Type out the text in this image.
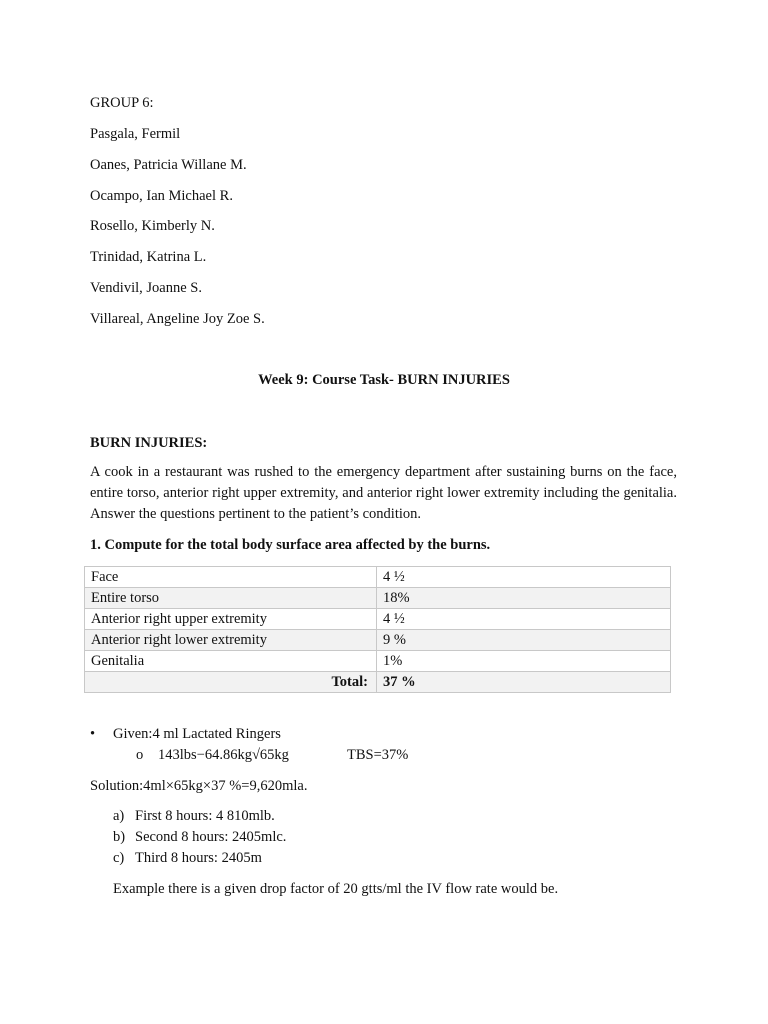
GROUP 6:
Pasgala, Fermil
Oanes, Patricia Willane M.
Ocampo, Ian Michael R.
Rosello, Kimberly N.
Trinidad, Katrina L.
Vendivil, Joanne S.
Villareal, Angeline Joy Zoe S.
Week 9: Course Task- BURN INJURIES
BURN INJURIES:
A cook in a restaurant was rushed to the emergency department after sustaining burns on the face, entire torso, anterior right upper extremity, and anterior right lower extremity including the genitalia. Answer the questions pertinent to the patient’s condition.
1. Compute for the total body surface area affected by the burns.
Face	4 ½
Entire torso	18%
Anterior right upper extremity	4 ½
Anterior right lower extremity	9 %
Genitalia	1%
Total:	37 %
• Given:4 ml Lactated Ringers
o 143lbs−64.86kg√65kg	TBS=37%
Solution:4ml×65kg×37 %=9,620mla.
a) First 8 hours: 4 810mlb.
b) Second 8 hours: 2405mlc.
c) Third 8 hours: 2405m
Example there is a given drop factor of 20 gtts/ml the IV flow rate would be.
